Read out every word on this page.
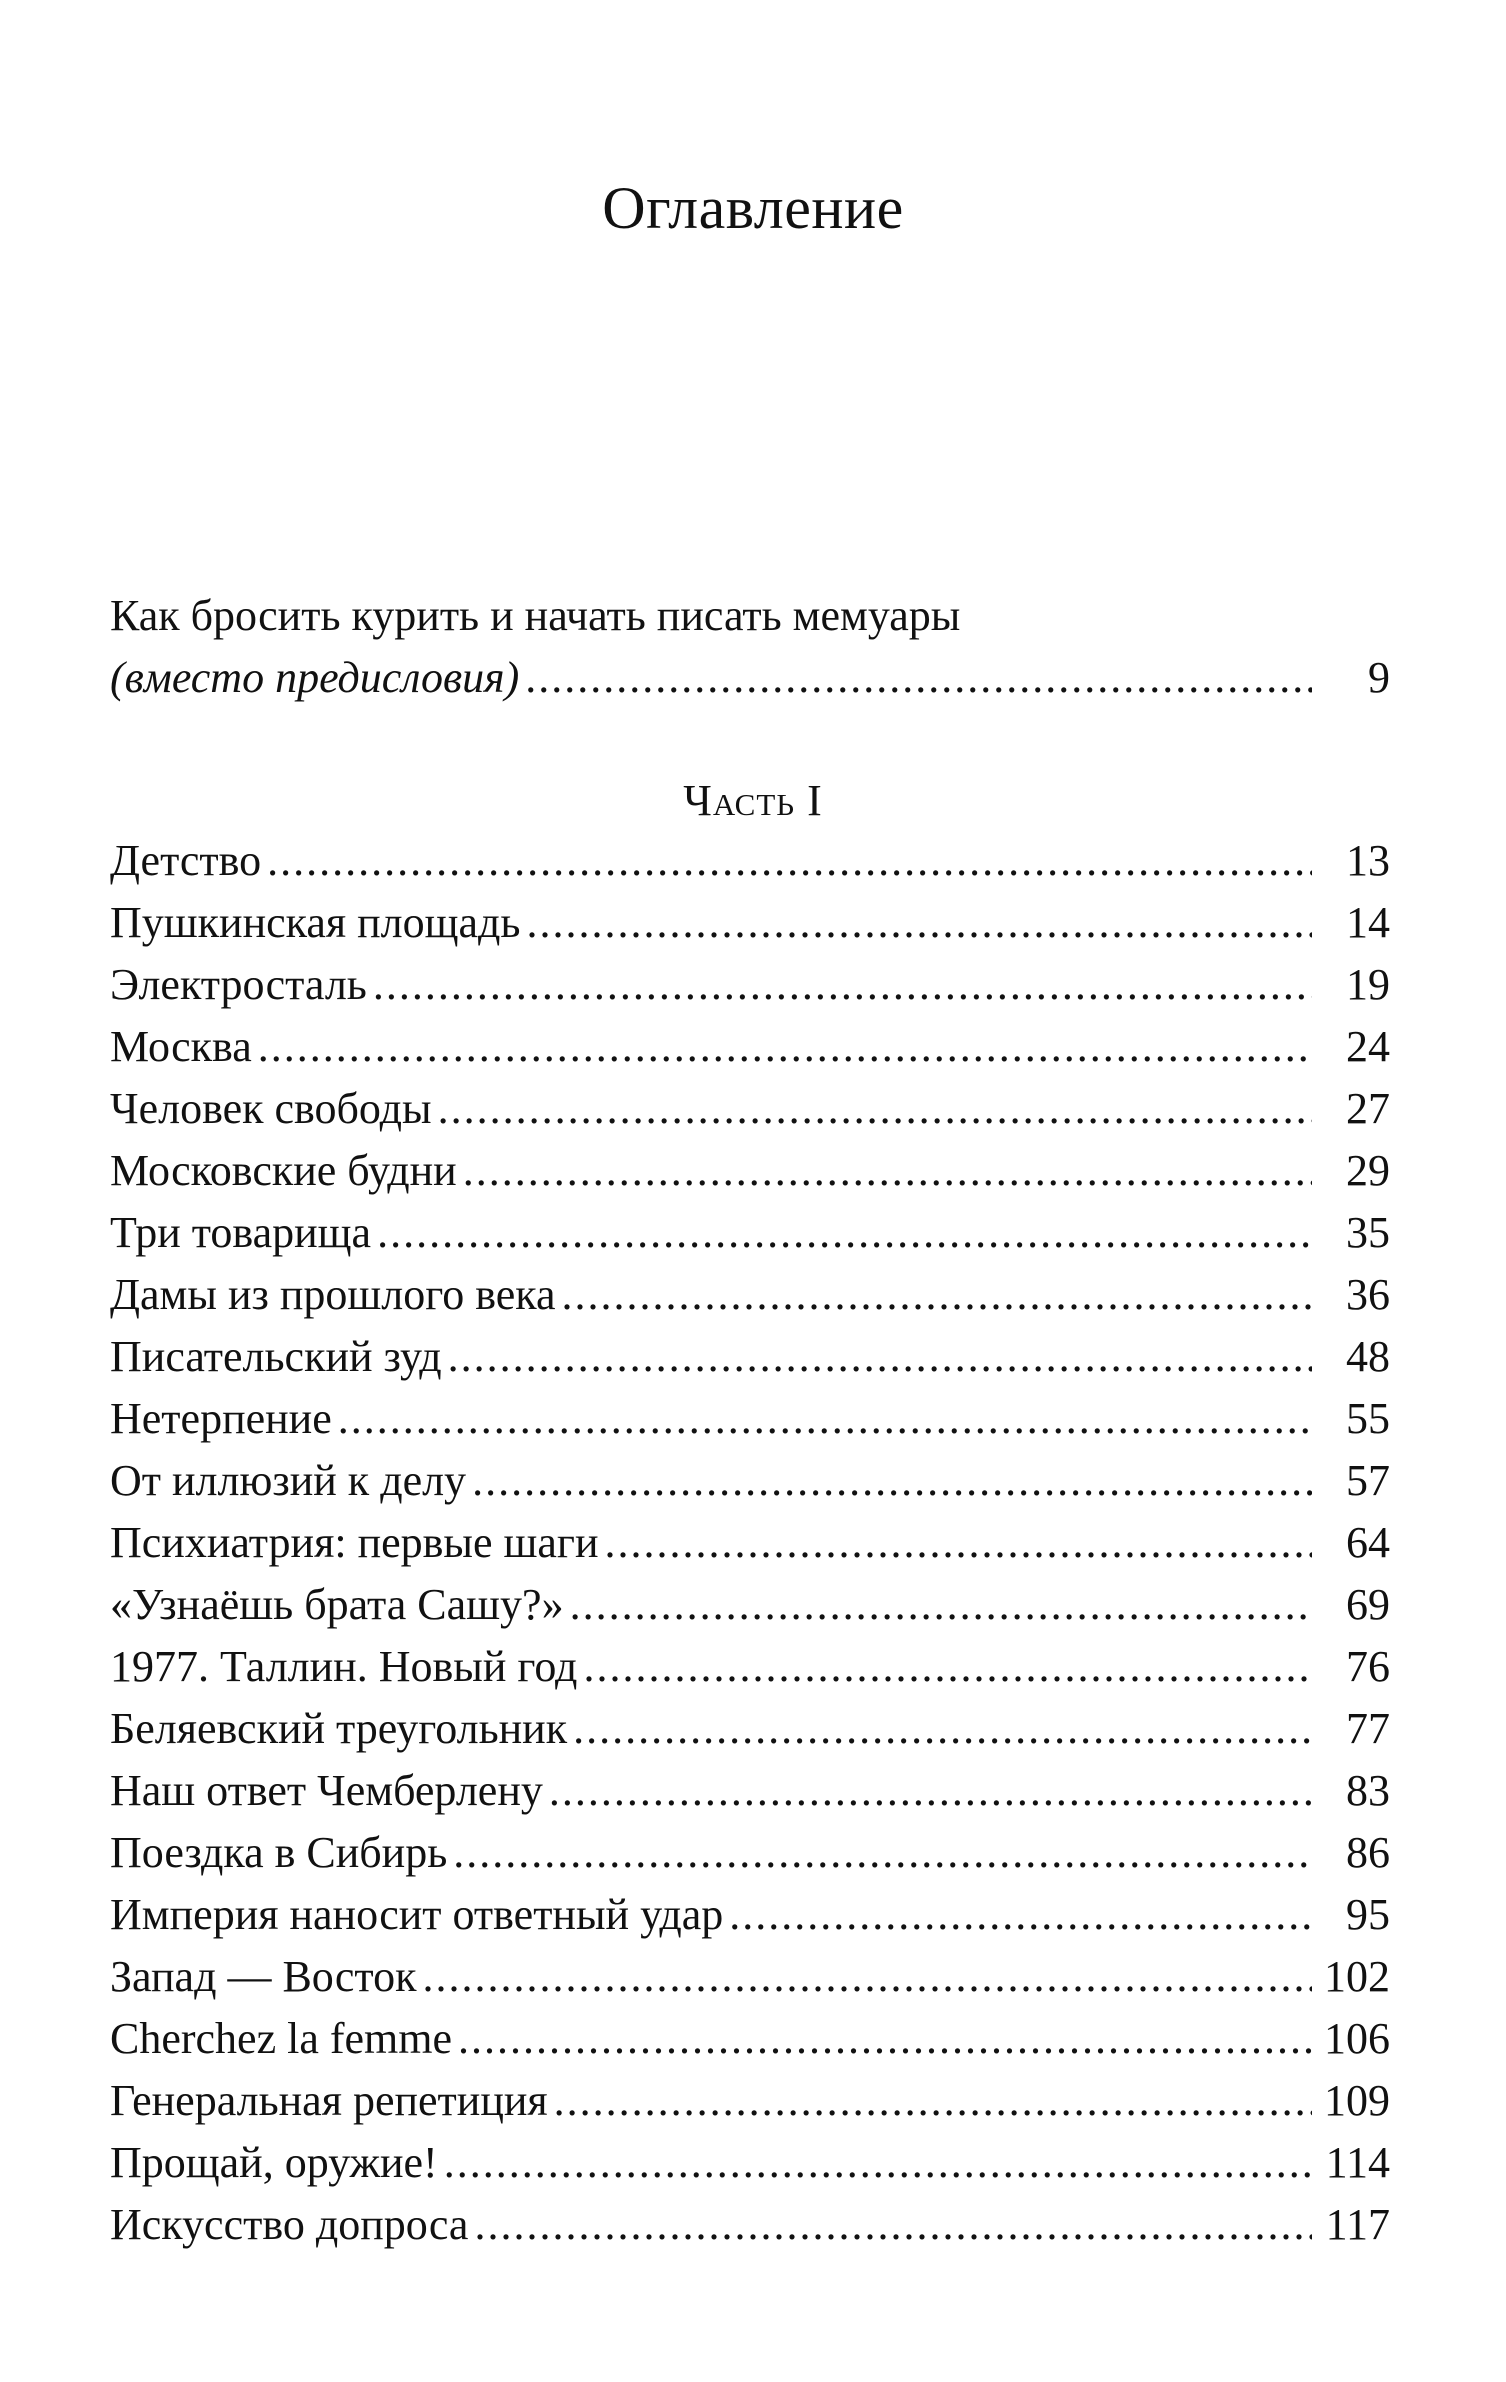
Оглавление
Как бросить курить и начать писать мемуары
(вместо предисловия) .....	9
Часть I
Детство .....	13
Пушкинская площадь .....	14
Электросталь .....	19
Москва .....	24
Человек свободы .....	27
Московские будни .....	29
Три товарища .....	35
Дамы из прошлого века .....	36
Писательский зуд .....	48
Нетерпение .....	55
От иллюзий к делу .....	57
Психиатрия: первые шаги .....	64
«Узнаёшь брата Сашу?» .....	69
1977. Таллин. Новый год .....	76
Беляевский треугольник .....	77
Наш ответ Чемберлену .....	83
Поездка в Сибирь .....	86
Империя наносит ответный удар .....	95
Запад — Восток .....	102
Cherchez la femme .....	106
Генеральная репетиция .....	109
Прощай, оружие! .....	114
Искусство допроса .....	117
